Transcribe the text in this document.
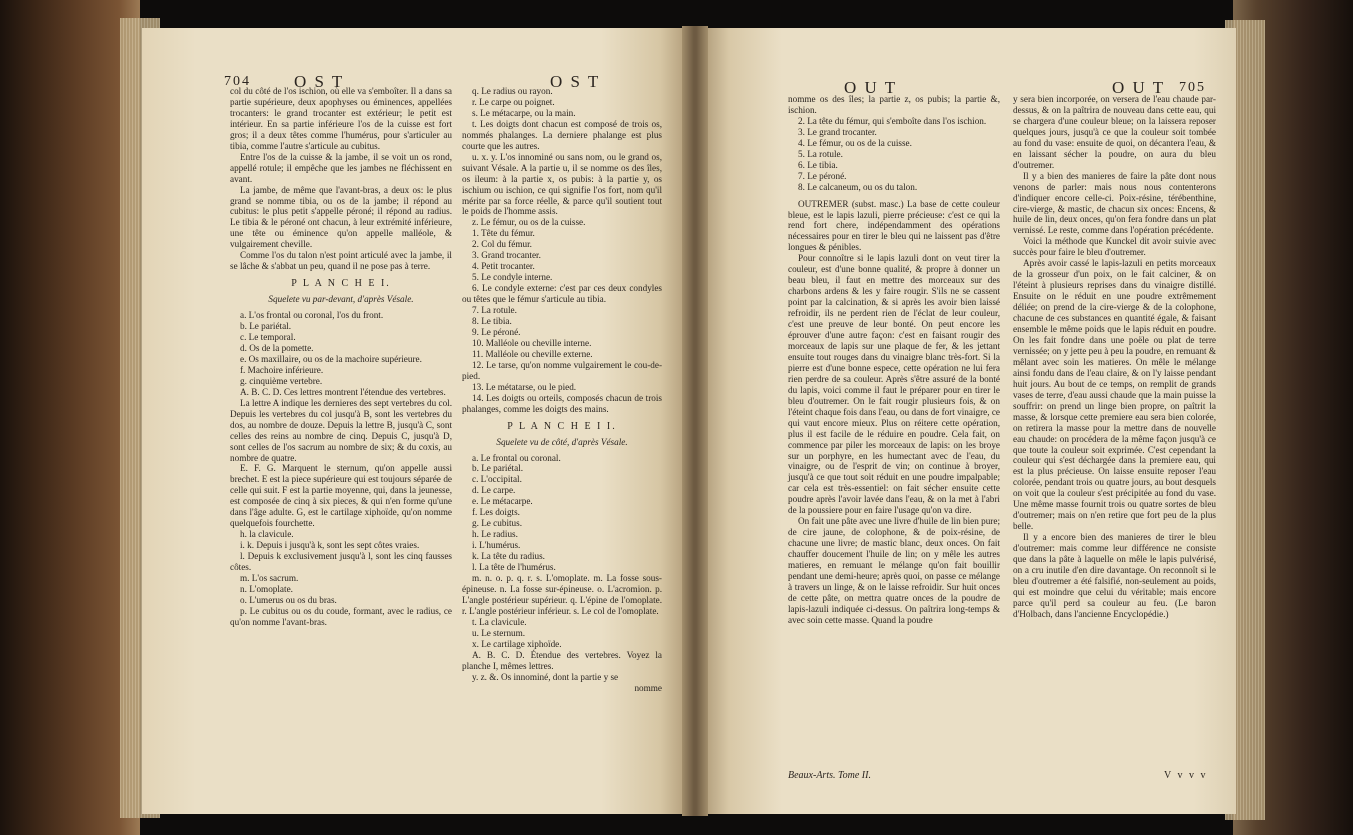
704	O S T	O S T

col du côté de l'os ischion, où elle va s'emboîter. Il a dans sa partie supérieure, deux apophyses ou éminences, appellées trocanters: le grand trocanter est extérieur; le petit est intérieur. En sa partie inférieure l'os de la cuisse est fort gros; il a deux têtes comme l'humérus, pour s'articuler au tibia, comme l'autre s'articule au cubitus.

Entre l'os de la cuisse & la jambe, il se voit un os rond, appellé rotule; il empêche que les jambes ne fléchissent en avant.

La jambe, de même que l'avant-bras, a deux os: le plus grand se nomme tibia, ou os de la jambe; il répond au cubitus: le plus petit s'appelle péroné; il répond au radius. Le tibia & le péroné ont chacun, à leur extrémité inférieure, une tête ou éminence qu'on appelle malléole, & vulgairement cheville.

Comme l'os du talon n'est point articulé avec la jambe, il se lâche & s'abbat un peu, quand il ne pose pas à terre.

P L A N C H E I.
Squelete vu par-devant, d'après Vésale.

a. L'os frontal ou coronal, l'os du front.

b. Le pariétal.

c. Le temporal.

d. Os de la pomette.

e. Os maxillaire, ou os de la machoire supérieure.

f. Machoire inférieure.

g. cinquième vertebre.

A. B. C. D. Ces lettres montrent l'étendue des vertebres.

La lettre A indique les dernieres des sept vertebres du col. Depuis les vertebres du col jusqu'à B, sont les vertebres du dos, au nombre de douze. Depuis la lettre B, jusqu'à C, sont celles des reins au nombre de cinq. Depuis C, jusqu'à D, sont celles de l'os sacrum au nombre de six; & du coxis, au nombre de quatre.

E. F. G. Marquent le sternum, qu'on appelle aussi brechet. E est la piece supérieure qui est toujours séparée de celle qui suit. F est la partie moyenne, qui, dans la jeunesse, est composée de cinq à six pieces, & qui n'en forme qu'une dans l'âge adulte. G, est le cartilage xiphoïde, qu'on nomme quelquefois fourchette.

h. la clavicule.

i. k. Depuis i jusqu'à k, sont les sept côtes vraies.

l. Depuis k exclusivement jusqu'à l, sont les cinq fausses côtes.

m. L'os sacrum.

n. L'omoplate.

o. L'umerus ou os du bras.

p. Le cubitus ou os du coude, formant, avec le radius, ce qu'on nomme l'avant-bras.

q. Le radius ou rayon.

r. Le carpe ou poignet.

s. Le métacarpe, ou la main.

t. Les doigts dont chacun est composé de trois os, nommés phalanges. La derniere phalange est plus courte que les autres.

u. x. y. L'os innominé ou sans nom, ou le grand os, suivant Vésale. A la partie u, il se nomme os des îles, os ileum: à la partie x, os pubis: à la partie y, os ischium ou ischion, ce qui signifie l'os fort, nom qu'il mérite par sa force réelle, & parce qu'il soutient tout le poids de l'homme assis.

z. Le fémur, ou os de la cuisse.

1. Tête du fémur.

2. Col du fémur.

3. Grand trocanter.

4. Petit trocanter.

5. Le condyle interne.

6. Le condyle externe: c'est par ces deux condyles ou têtes que le fémur s'articule au tibia.

7. La rotule.

8. Le tibia.

9. Le péroné.

10. Malléole ou cheville interne.

11. Malléole ou cheville externe.

12. Le tarse, qu'on nomme vulgairement le cou-de-pied.

13. Le métatarse, ou le pied.

14. Les doigts ou orteils, composés chacun de trois phalanges, comme les doigts des mains.

P L A N C H E I I.
Squelete vu de côté, d'après Vésale.

a. Le frontal ou coronal.

b. Le pariétal.

c. L'occipital.

d. Le carpe.

e. Le métacarpe.

f. Les doigts.

g. Le cubitus.

h. Le radius.

i. L'humérus.

k. La tête du radius.

l. La tête de l'humérus.

m. n. o. p. q. r. s. L'omoplate. m. La fosse sous-épineuse. n. La fosse sur-épineuse. o. L'acromion. p. L'angle postérieur supérieur. q. L'épine de l'omoplate. r. L'angle postérieur inférieur. s. Le col de l'omoplate.

t. La clavicule.

u. Le sternum.

x. Le cartilage xiphoïde.

A. B. C. D. Étendue des vertebres. Voyez la planche I, mêmes lettres.

y. z. &. Os innominé, dont la partie y se

nomme

O U T	O U T 705

nomme os des îles; la partie z, os pubis; la partie &, ischion.

2. La tête du fémur, qui s'emboîte dans l'os ischion.

3. Le grand trocanter.

4. Le fémur, ou os de la cuisse.

5. La rotule.

6. Le tibia.

7. Le péroné.

8. Le calcaneum, ou os du talon.

OUTREMER (subst. masc.) La base de cette couleur bleue, est le lapis lazuli, pierre précieuse: c'est ce qui la rend fort chere, indépendamment des opérations nécessaires pour en tirer le bleu qui ne laissent pas d'être longues & pénibles.

Pour connoître si le lapis lazuli dont on veut tirer la couleur, est d'une bonne qualité, & propre à donner un beau bleu, il faut en mettre des morceaux sur des charbons ardens & les y faire rougir. S'ils ne se cassent point par la calcination, & si après les avoir bien laissé refroidir, ils ne perdent rien de l'éclat de leur couleur, c'est une preuve de leur bonté. On peut encore les éprouver d'une autre façon: c'est en faisant rougir des morceaux de lapis sur une plaque de fer, & les jettant ensuite tout rouges dans du vinaigre blanc très-fort. Si la pierre est d'une bonne espece, cette opération ne lui fera rien perdre de sa couleur. Après s'être assuré de la bonté du lapis, voici comme il faut le préparer pour en tirer le bleu d'outremer. On le fait rougir plusieurs fois, & on l'éteint chaque fois dans l'eau, ou dans de fort vinaigre, ce qui vaut encore mieux. Plus on réitere cette opération, plus il est facile de le réduire en poudre. Cela fait, on commence par piler les morceaux de lapis: on les broye sur un porphyre, en les humectant avec de l'eau, du vinaigre, ou de l'esprit de vin; on continue à broyer, jusqu'à ce que tout soit réduit en une poudre impalpable; car cela est très-essentiel: on fait sécher ensuite cette poudre après l'avoir lavée dans l'eau, & on la met à l'abri de la poussiere pour en faire l'usage qu'on va dire.

On fait une pâte avec une livre d'huile de lin bien pure; de cire jaune, de colophone, & de poix-résine, de chacune une livre; de mastic blanc, deux onces. On fait chauffer doucement l'huile de lin; on y mêle les autres matieres, en remuant le mélange qu'on fait bouillir pendant une demi-heure; après quoi, on passe ce mélange à travers un linge, & on le laisse refroidir. Sur huit onces de cette pâte, on mettra quatre onces de la poudre de lapis-lazuli indiquée ci-dessus. On paîtrira long-temps & avec soin cette masse. Quand la poudre

y sera bien incorporée, on versera de l'eau chaude par-dessus, & on la paîtrira de nouveau dans cette eau, qui se chargera d'une couleur bleue; on la laissera reposer quelques jours, jusqu'à ce que la couleur soit tombée au fond du vase: ensuite de quoi, on décantera l'eau, & en laissant sécher la poudre, on aura du bleu d'outremer.

Il y a bien des manieres de faire la pâte dont nous venons de parler: mais nous nous contenterons d'indiquer encore celle-ci. Poix-résine, térébenthine, cire-vierge, & mastic, de chacun six onces: Encens, & huile de lin, deux onces, qu'on fera fondre dans un plat vernissé. Le reste, comme dans l'opération précédente.

Voici la méthode que Kunckel dit avoir suivie avec succès pour faire le bleu d'outremer.

Après avoir cassé le lapis-lazuli en petits morceaux de la grosseur d'un poix, on le fait calciner, & on l'éteint à plusieurs reprises dans du vinaigre distillé. Ensuite on le réduit en une poudre extrêmement déliée; on prend de la cire-vierge & de la colophone, chacune de ces substances en quantité égale, & faisant ensemble le même poids que le lapis réduit en poudre. On les fait fondre dans une poële ou plat de terre vernissée; on y jette peu à peu la poudre, en remuant & mêlant avec soin les matieres. On mêle le mélange ainsi fondu dans de l'eau claire, & on l'y laisse pendant huit jours. Au bout de ce temps, on remplit de grands vases de terre, d'eau aussi chaude que la main puisse la souffrir: on prend un linge bien propre, on paîtrit la masse, & lorsque cette premiere eau sera bien colorée, on retirera la masse pour la mettre dans de nouvelle eau chaude: on procédera de la même façon jusqu'à ce que toute la couleur soit exprimée. C'est cependant la couleur qui s'est déchargée dans la premiere eau, qui est la plus précieuse. On laisse ensuite reposer l'eau colorée, pendant trois ou quatre jours, au bout desquels on voit que la couleur s'est précipitée au fond du vase. Une même masse fournit trois ou quatre sortes de bleu d'outremer; mais on n'en retire que fort peu de la plus belle.

Il y a encore bien des manieres de tirer le bleu d'outremer: mais comme leur différence ne consiste que dans la pâte à laquelle on mêle le lapis pulvérisé, on a cru inutile d'en dire davantage. On reconnoît si le bleu d'outremer a été falsifié, non-seulement au poids, qui est moindre que celui du véritable; mais encore parce qu'il perd sa couleur au feu. (Le baron d'Holbach, dans l'ancienne Encyclopédie.)

Beaux-Arts. Tome II.	V v v v
